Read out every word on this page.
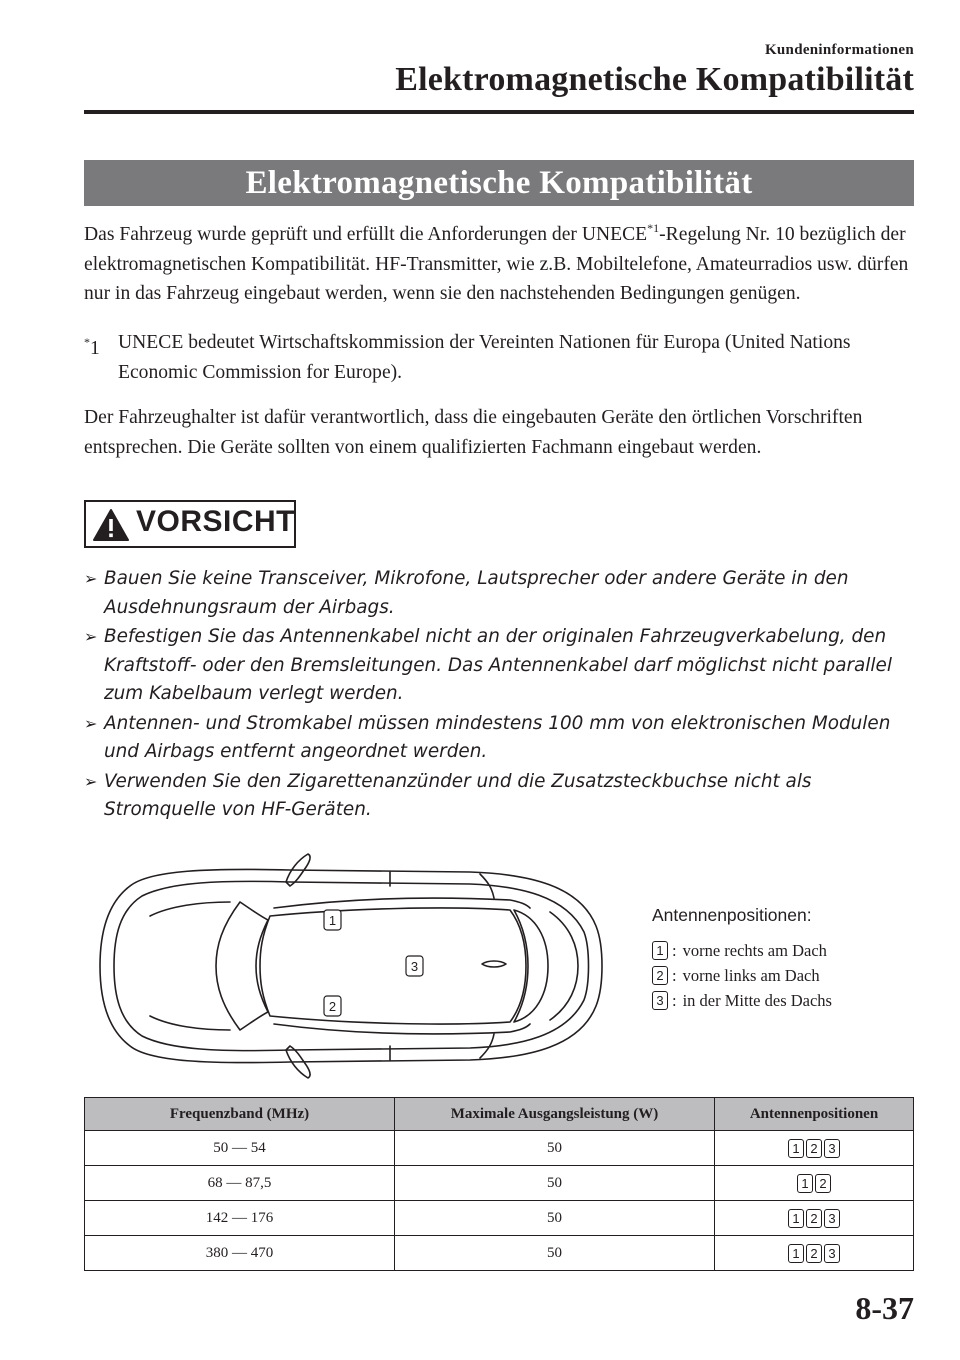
Kundeninformationen
Elektromagnetische Kompatibilität
Elektromagnetische Kompatibilität
Das Fahrzeug wurde geprüft und erfüllt die Anforderungen der UNECE$^{*1}$-Regelung Nr. 10 bezüglich der elektromagnetischen Kompatibilität. HF-Transmitter, wie z.B. Mobiltelefone, Amateurradios usw. dürfen nur in das Fahrzeug eingebaut werden, wenn sie den nachstehenden Bedingungen genügen.
*1 UNECE bedeutet Wirtschaftskommission der Vereinten Nationen für Europa (United Nations Economic Commission for Europe).
Der Fahrzeughalter ist dafür verantwortlich, dass die eingebauten Geräte den örtlichen Vorschriften entsprechen. Die Geräte sollten von einem qualifizierten Fachmann eingebaut werden.
VORSICHT
➢ Bauen Sie keine Transceiver, Mikrofone, Lautsprecher oder andere Geräte in den Ausdehnungsraum der Airbags.
➢ Befestigen Sie das Antennenkabel nicht an der originalen Fahrzeugverkabelung, den Kraftstoff- oder den Bremsleitungen. Das Antennenkabel darf möglichst nicht parallel zum Kabelbaum verlegt werden.
➢ Antennen- und Stromkabel müssen mindestens 100 mm von elektronischen Modulen und Airbags entfernt angeordnet werden.
➢ Verwenden Sie den Zigarettenanzünder und die Zusatzsteckbuchse nicht als Stromquelle von HF-Geräten.
1
2
3
Antennenpositionen:
1 : vorne rechts am Dach
2 : vorne links am Dach
3 : in der Mitte des Dachs
Frequenzband (MHz)	Maximale Ausgangsleistung (W)	Antennenpositionen
50 — 54	50	1 2 3

68 — 87,5	50	1 2

142 — 176	50	1 2 3

380 — 470	50	1 2 3
8-37
